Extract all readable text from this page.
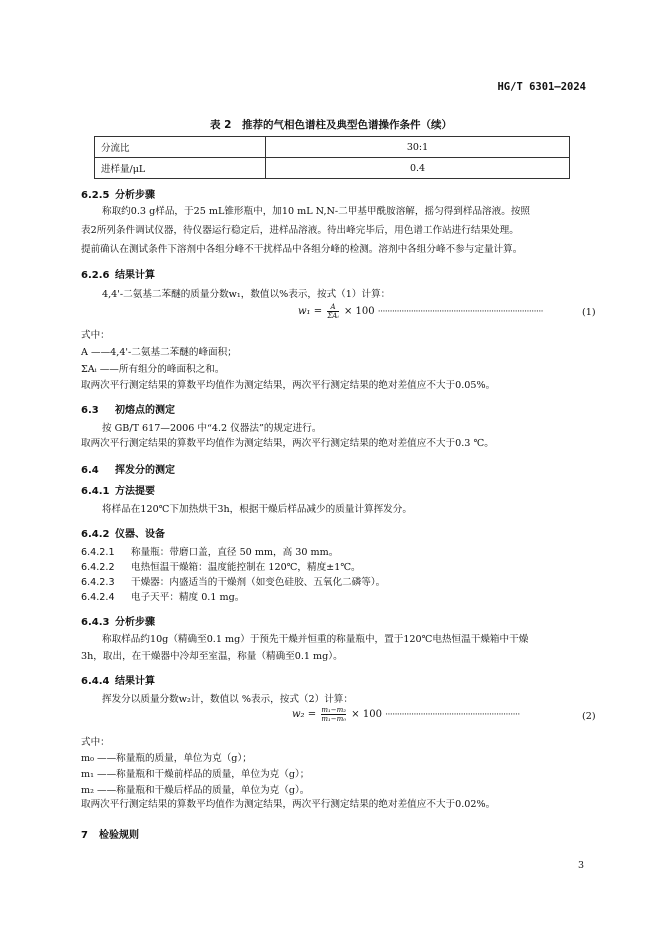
HG/T 6301—2024
表 2　推荐的气相色谱柱及典型色谱操作条件（续）
分流比	30:1
进样量/μL	0.4
6.2.5 分析步骤
称取约0.3 g样品，于25 mL锥形瓶中，加10 mL N,N-二甲基甲酰胺溶解，摇匀得到样品溶液。按照
表2所列条件调试仪器，待仪器运行稳定后，进样品溶液。待出峰完毕后，用色谱工作站进行结果处理。
提前确认在测试条件下溶剂中各组分峰不干扰样品中各组分峰的检测。溶剂中各组分峰不参与定量计算。
6.2.6 结果计算
4,4'-二氨基二苯醚的质量分数w₁，数值以%表示，按式（1）计算：
$w_1 = \frac{A}{\text{ΣAᵢ}} \times 100$ ······································································	(1)
式中：
A ——4,4'-二氨基二苯醚的峰面积；
ΣAᵢ ——所有组分的峰面积之和。
取两次平行测定结果的算数平均值作为测定结果，两次平行测定结果的绝对差值应不大于0.05%。
6.3 初熔点的测定
按 GB/T 617—2006 中“4.2 仪器法”的规定进行。
取两次平行测定结果的算数平均值作为测定结果，两次平行测定结果的绝对差值应不大于0.3 ℃。
6.4 挥发分的测定
6.4.1 方法提要
将样品在120℃下加热烘干3h，根据干燥后样品减少的质量计算挥发分。
6.4.2 仪器、设备
6.4.2.1 称量瓶：带磨口盖，直径 50 mm，高 30 mm。
6.4.2.2 电热恒温干燥箱：温度能控制在 120℃，精度±1℃。
6.4.2.3 干燥器：内盛适当的干燥剂（如变色硅胶、五氧化二磷等）。
6.4.2.4 电子天平：精度 0.1 mg。
6.4.3 分析步骤
称取样品约10g（精确至0.1 mg）于预先干燥并恒重的称量瓶中，置于120℃电热恒温干燥箱中干燥
3h，取出，在干燥器中冷却至室温，称量（精确至0.1 mg）。
6.4.4 结果计算
挥发分以质量分数w₂计，数值以 %表示，按式（2）计算：
$w_2 = \frac{\text{m₁−m₂}}{\text{m₁−m₀}} \times 100$ ·························································	(2)
式中：
m₀ ——称量瓶的质量，单位为克（g）；
m₁ ——称量瓶和干燥前样品的质量，单位为克（g）；
m₂ ——称量瓶和干燥后样品的质量，单位为克（g）。
取两次平行测定结果的算数平均值作为测定结果，两次平行测定结果的绝对差值应不大于0.02%。
7 检验规则
3
